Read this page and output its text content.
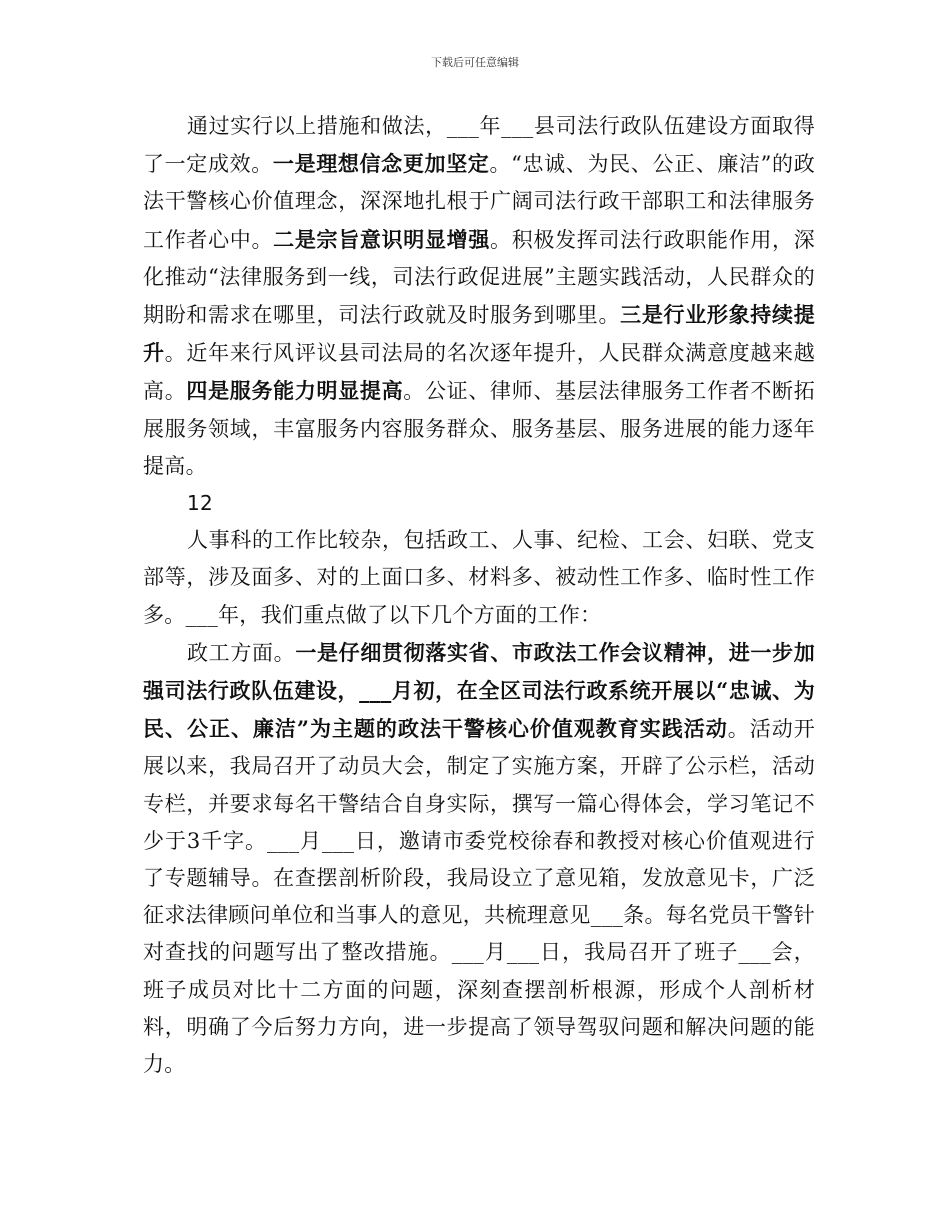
下载后可任意编辑

通过实行以上措施和做法，___年___县司法行政队伍建设方面取得了一定成效。一是理想信念更加坚定。“忠诚、为民、公正、廉洁”的政法干警核心价值理念，深深地扎根于广阔司法行政干部职工和法律服务工作者心中。二是宗旨意识明显增强。积极发挥司法行政职能作用，深化推动“法律服务到一线，司法行政促进展”主题实践活动，人民群众的期盼和需求在哪里，司法行政就及时服务到哪里。三是行业形象持续提升。近年来行风评议县司法局的名次逐年提升，人民群众满意度越来越高。四是服务能力明显提高。公证、律师、基层法律服务工作者不断拓展服务领域，丰富服务内容服务群众、服务基层、服务进展的能力逐年提高。

12

人事科的工作比较杂，包括政工、人事、纪检、工会、妇联、党支部等，涉及面多、对的上面口多、材料多、被动性工作多、临时性工作多。___年，我们重点做了以下几个方面的工作：

政工方面。一是仔细贯彻落实省、市政法工作会议精神，进一步加强司法行政队伍建设，___月初，在全区司法行政系统开展以“忠诚、为民、公正、廉洁”为主题的政法干警核心价值观教育实践活动。活动开展以来，我局召开了动员大会，制定了实施方案，开辟了公示栏，活动专栏，并要求每名干警结合自身实际，撰写一篇心得体会，学习笔记不少于3千字。___月___日，邀请市委党校徐春和教授对核心价值观进行了专题辅导。在查摆剖析阶段，我局设立了意见箱，发放意见卡，广泛征求法律顾问单位和当事人的意见，共梳理意见___条。每名党员干警针对查找的问题写出了整改措施。___月___日，我局召开了班子___会，班子成员对比十二方面的问题，深刻查摆剖析根源，形成个人剖析材料，明确了今后努力方向，进一步提高了领导驾驭问题和解决问题的能力。
